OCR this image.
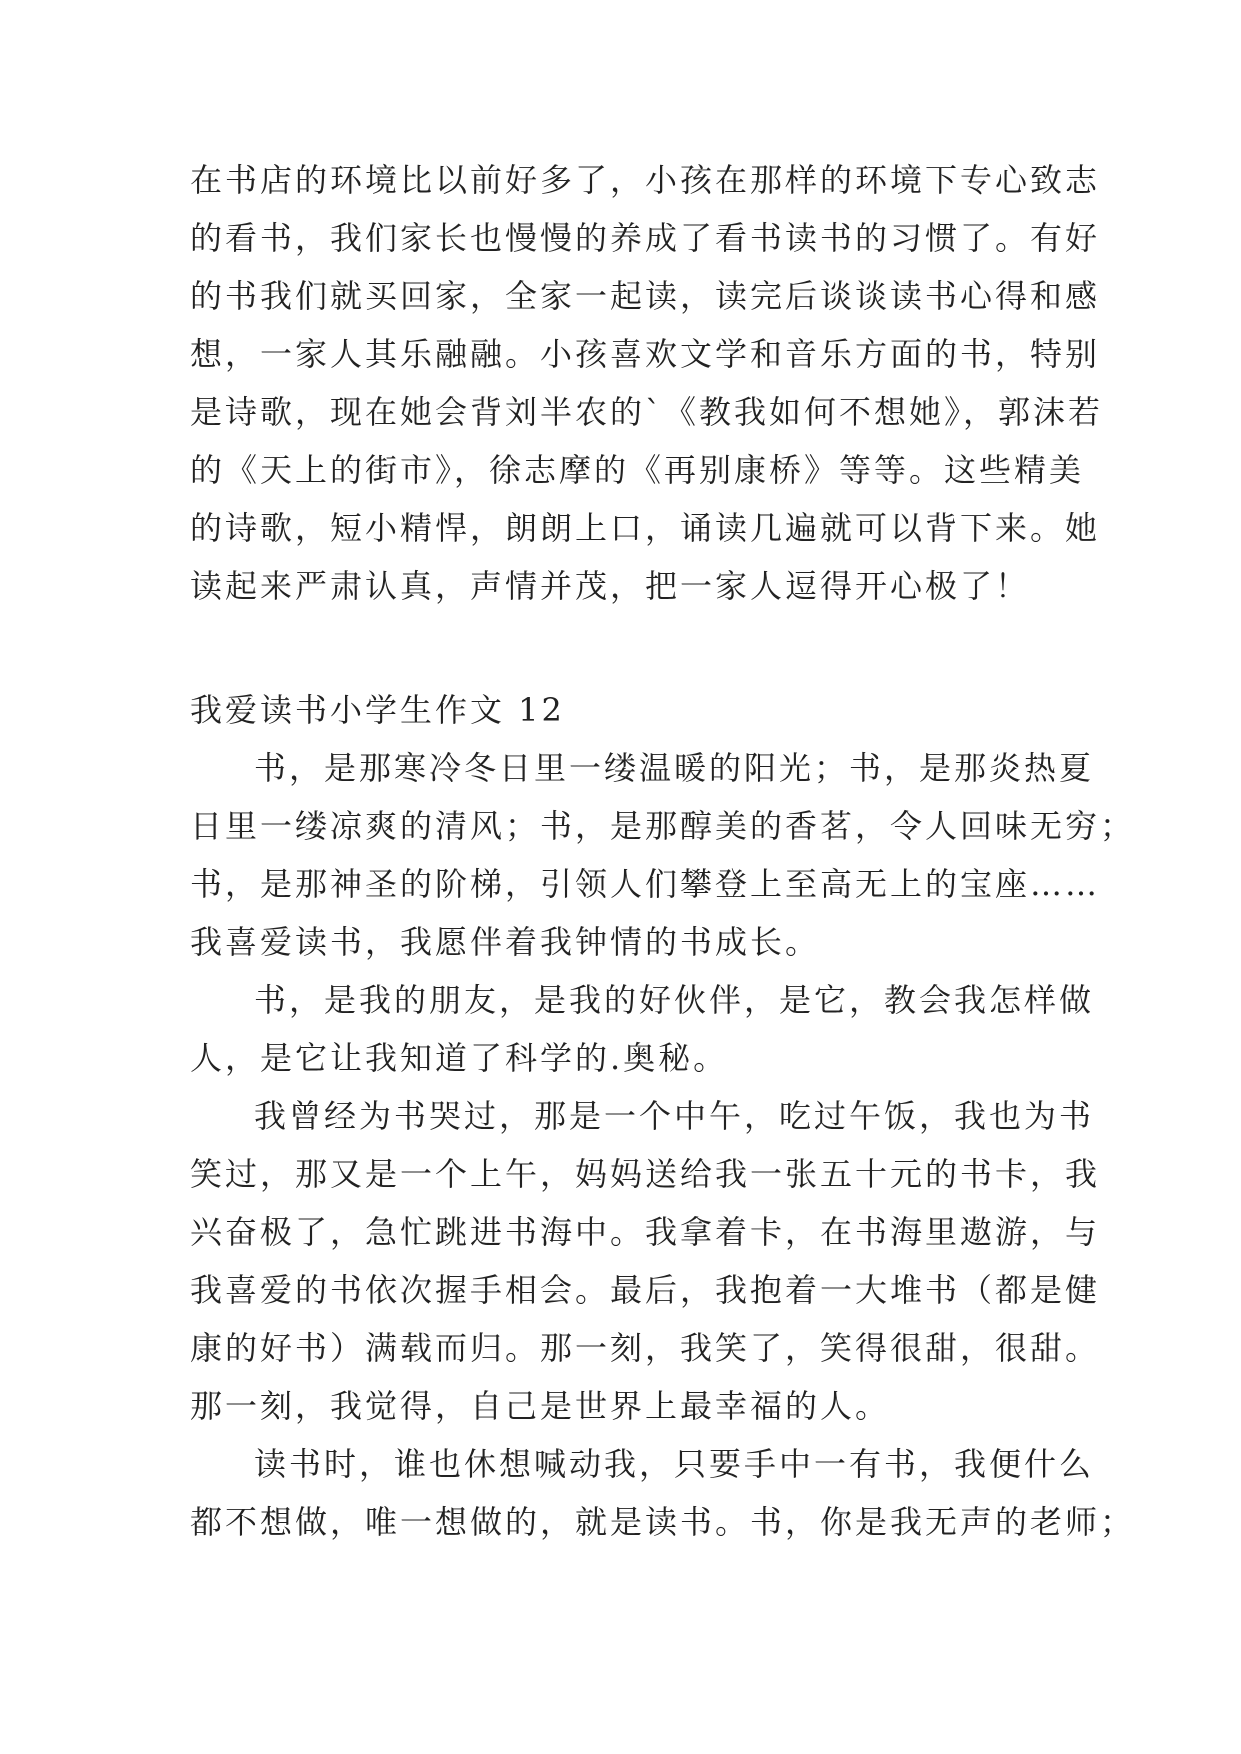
在书店的环境比以前好多了，小孩在那样的环境下专心致志
的看书，我们家长也慢慢的养成了看书读书的习惯了。有好
的书我们就买回家，全家一起读，读完后谈谈读书心得和感
想，一家人其乐融融。小孩喜欢文学和音乐方面的书，特别
是诗歌，现在她会背刘半农的`《教我如何不想她》，郭沫若
的《天上的街市》，徐志摩的《再别康桥》等等。这些精美
的诗歌，短小精悍，朗朗上口，诵读几遍就可以背下来。她
读起来严肃认真，声情并茂，把一家人逗得开心极了！
我爱读书小学生作文 12
书，是那寒冷冬日里一缕温暖的阳光；书，是那炎热夏
日里一缕凉爽的清风；书，是那醇美的香茗，令人回味无穷；
书，是那神圣的阶梯，引领人们攀登上至高无上的宝座……
我喜爱读书，我愿伴着我钟情的书成长。
书，是我的朋友，是我的好伙伴，是它，教会我怎样做
人，是它让我知道了科学的.奥秘。
我曾经为书哭过，那是一个中午，吃过午饭，我也为书
笑过，那又是一个上午，妈妈送给我一张五十元的书卡，我
兴奋极了，急忙跳进书海中。我拿着卡，在书海里遨游，与
我喜爱的书依次握手相会。最后，我抱着一大堆书（都是健
康的好书）满载而归。那一刻，我笑了，笑得很甜，很甜。
那一刻，我觉得，自己是世界上最幸福的人。
读书时，谁也休想喊动我，只要手中一有书，我便什么
都不想做，唯一想做的，就是读书。书，你是我无声的老师；
